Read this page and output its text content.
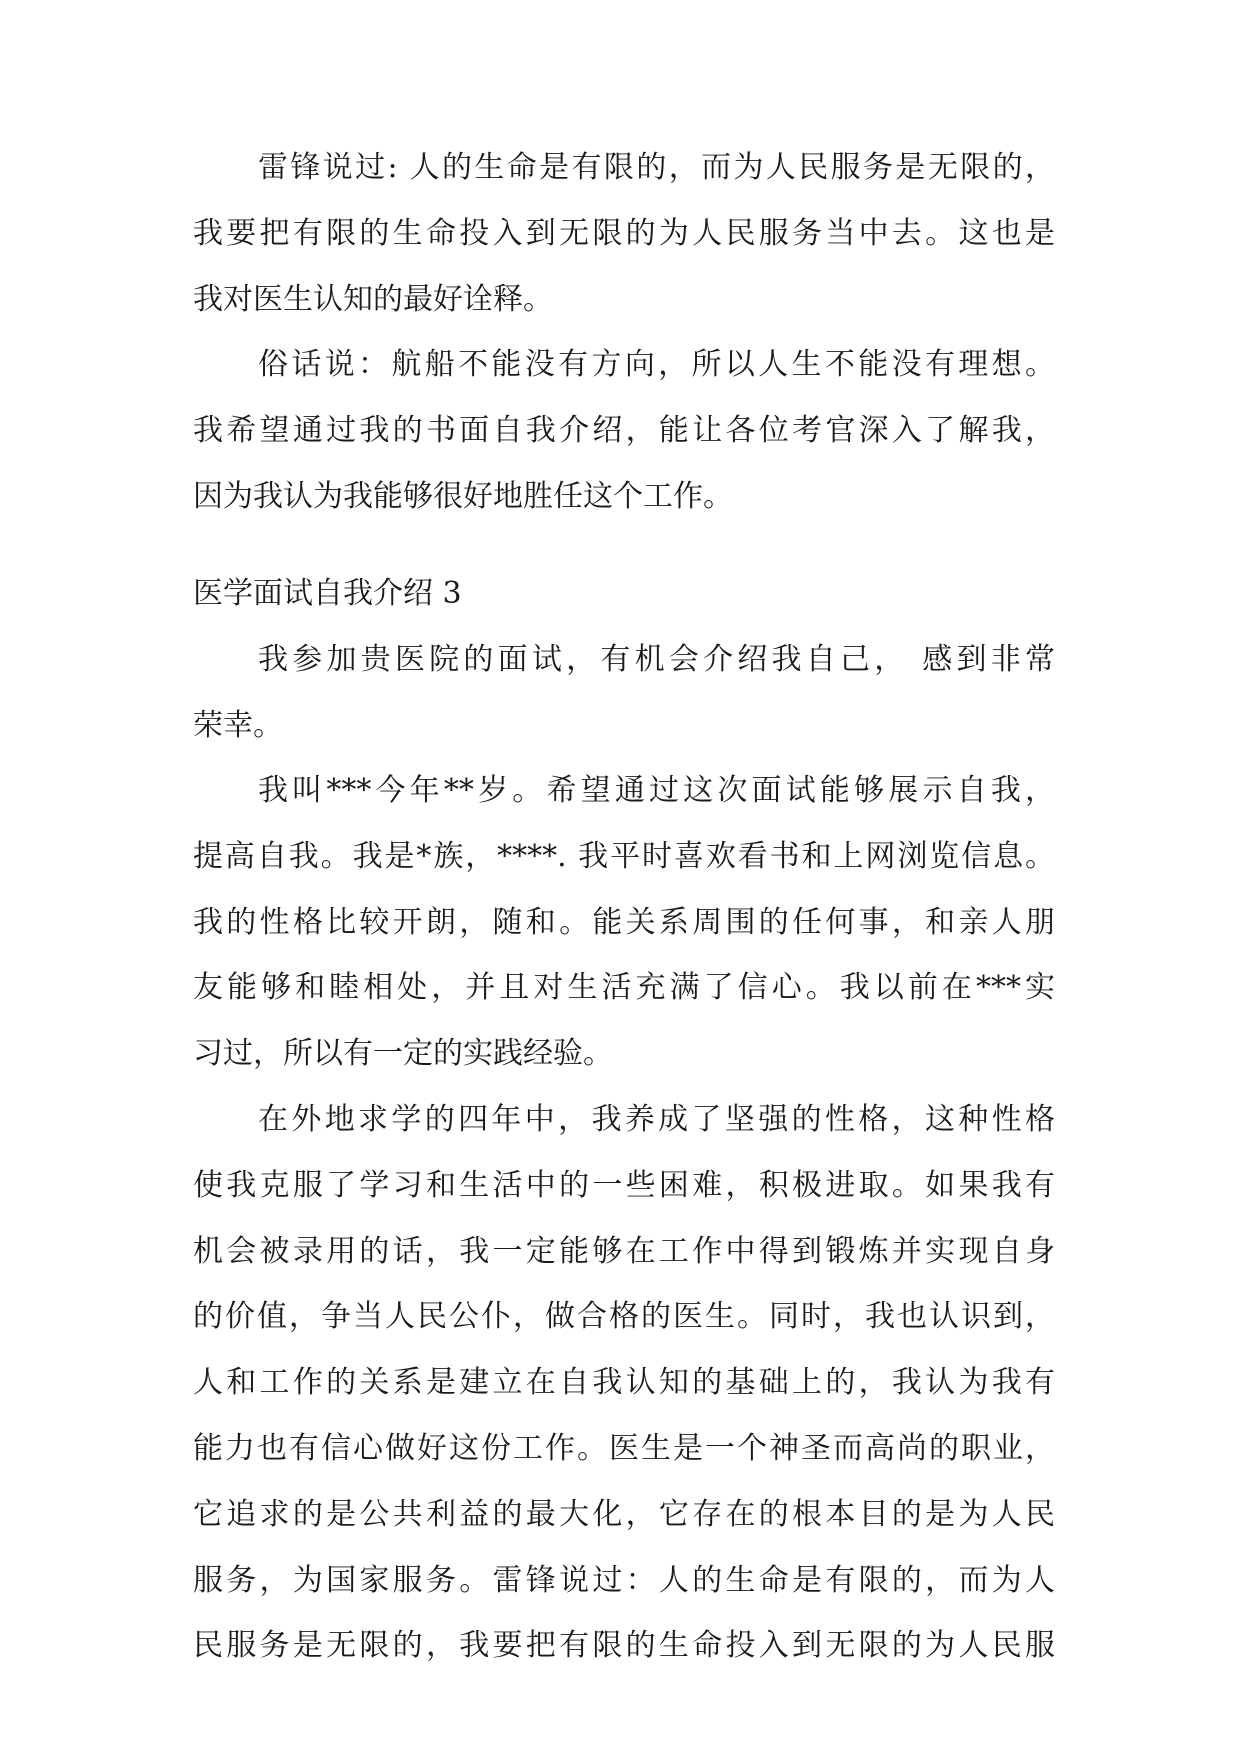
雷锋说过: 人的生命是有限的，而为人民服务是无限的，
我要把有限的生命投入到无限的为人民服务当中去。这也是
我对医生认知的最好诠释。
俗话说：航船不能没有方向，所以人生不能没有理想。
我希望通过我的书面自我介绍，能让各位考官深入了解我，
因为我认为我能够很好地胜任这个工作。
医学面试自我介绍 3
我参加贵医院的面试，有机会介绍我自己， 感到非常
荣幸。
我叫***今年**岁。希望通过这次面试能够展示自我，
提高自我。我是*族，****. 我平时喜欢看书和上网浏览信息。
我的性格比较开朗，随和。能关系周围的任何事，和亲人朋
友能够和睦相处，并且对生活充满了信心。我以前在***实
习过，所以有一定的实践经验。
在外地求学的四年中，我养成了坚强的性格，这种性格
使我克服了学习和生活中的一些困难，积极进取。如果我有
机会被录用的话，我一定能够在工作中得到锻炼并实现自身
的价值，争当人民公仆，做合格的医生。同时，我也认识到，
人和工作的关系是建立在自我认知的基础上的，我认为我有
能力也有信心做好这份工作。医生是一个神圣而高尚的职业，
它追求的是公共利益的最大化，它存在的根本目的是为人民
服务，为国家服务。雷锋说过：人的生命是有限的，而为人
民服务是无限的，我要把有限的生命投入到无限的为人民服
